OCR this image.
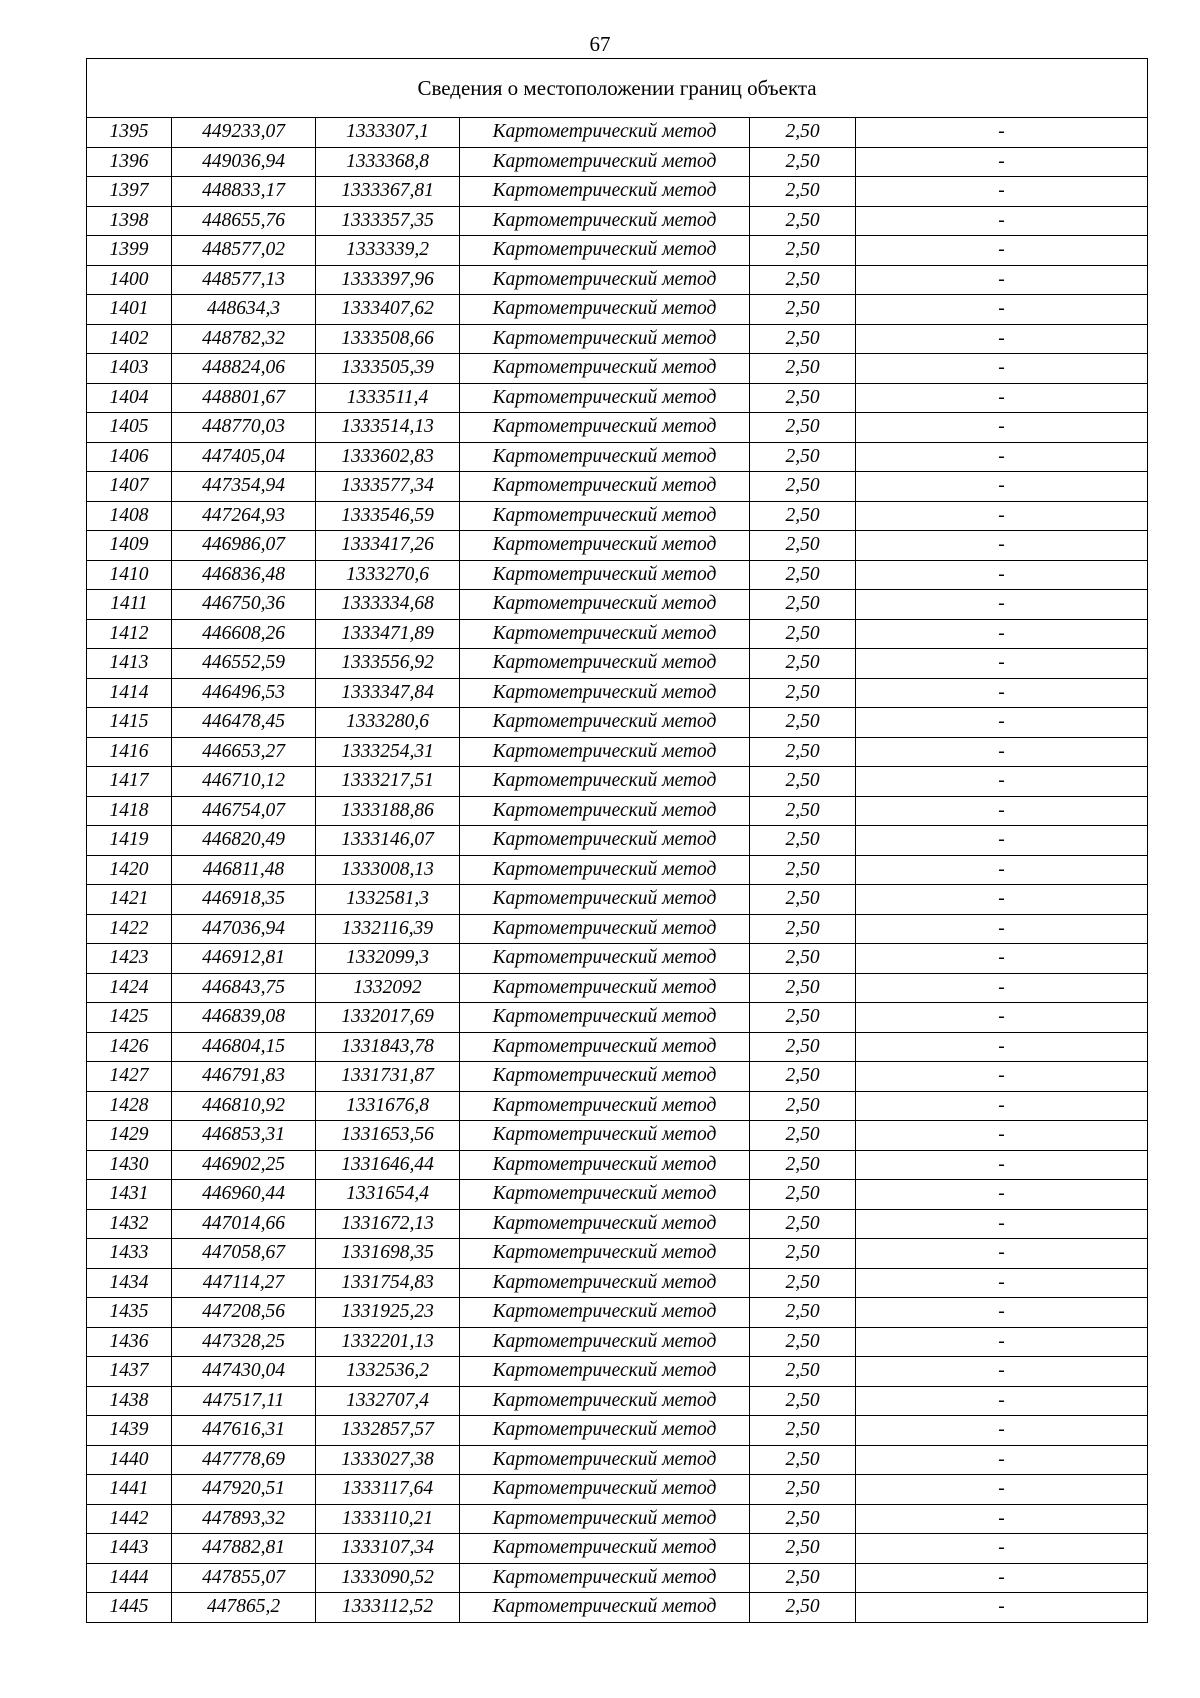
67
Сведения о местоположении границ объекта					
1395	449233,07	1333307,1	Картометрический метод	2,50	-
1396	449036,94	1333368,8	Картометрический метод	2,50	-
1397	448833,17	1333367,81	Картометрический метод	2,50	-
1398	448655,76	1333357,35	Картометрический метод	2,50	-
1399	448577,02	1333339,2	Картометрический метод	2,50	-
1400	448577,13	1333397,96	Картометрический метод	2,50	-
1401	448634,3	1333407,62	Картометрический метод	2,50	-
1402	448782,32	1333508,66	Картометрический метод	2,50	-
1403	448824,06	1333505,39	Картометрический метод	2,50	-
1404	448801,67	1333511,4	Картометрический метод	2,50	-
1405	448770,03	1333514,13	Картометрический метод	2,50	-
1406	447405,04	1333602,83	Картометрический метод	2,50	-
1407	447354,94	1333577,34	Картометрический метод	2,50	-
1408	447264,93	1333546,59	Картометрический метод	2,50	-
1409	446986,07	1333417,26	Картометрический метод	2,50	-
1410	446836,48	1333270,6	Картометрический метод	2,50	-
1411	446750,36	1333334,68	Картометрический метод	2,50	-
1412	446608,26	1333471,89	Картометрический метод	2,50	-
1413	446552,59	1333556,92	Картометрический метод	2,50	-
1414	446496,53	1333347,84	Картометрический метод	2,50	-
1415	446478,45	1333280,6	Картометрический метод	2,50	-
1416	446653,27	1333254,31	Картометрический метод	2,50	-
1417	446710,12	1333217,51	Картометрический метод	2,50	-
1418	446754,07	1333188,86	Картометрический метод	2,50	-
1419	446820,49	1333146,07	Картометрический метод	2,50	-
1420	446811,48	1333008,13	Картометрический метод	2,50	-
1421	446918,35	1332581,3	Картометрический метод	2,50	-
1422	447036,94	1332116,39	Картометрический метод	2,50	-
1423	446912,81	1332099,3	Картометрический метод	2,50	-
1424	446843,75	1332092	Картометрический метод	2,50	-
1425	446839,08	1332017,69	Картометрический метод	2,50	-
1426	446804,15	1331843,78	Картометрический метод	2,50	-
1427	446791,83	1331731,87	Картометрический метод	2,50	-
1428	446810,92	1331676,8	Картометрический метод	2,50	-
1429	446853,31	1331653,56	Картометрический метод	2,50	-
1430	446902,25	1331646,44	Картометрический метод	2,50	-
1431	446960,44	1331654,4	Картометрический метод	2,50	-
1432	447014,66	1331672,13	Картометрический метод	2,50	-
1433	447058,67	1331698,35	Картометрический метод	2,50	-
1434	447114,27	1331754,83	Картометрический метод	2,50	-
1435	447208,56	1331925,23	Картометрический метод	2,50	-
1436	447328,25	1332201,13	Картометрический метод	2,50	-
1437	447430,04	1332536,2	Картометрический метод	2,50	-
1438	447517,11	1332707,4	Картометрический метод	2,50	-
1439	447616,31	1332857,57	Картометрический метод	2,50	-
1440	447778,69	1333027,38	Картометрический метод	2,50	-
1441	447920,51	1333117,64	Картометрический метод	2,50	-
1442	447893,32	1333110,21	Картометрический метод	2,50	-
1443	447882,81	1333107,34	Картометрический метод	2,50	-
1444	447855,07	1333090,52	Картометрический метод	2,50	-
1445	447865,2	1333112,52	Картометрический метод	2,50	-
